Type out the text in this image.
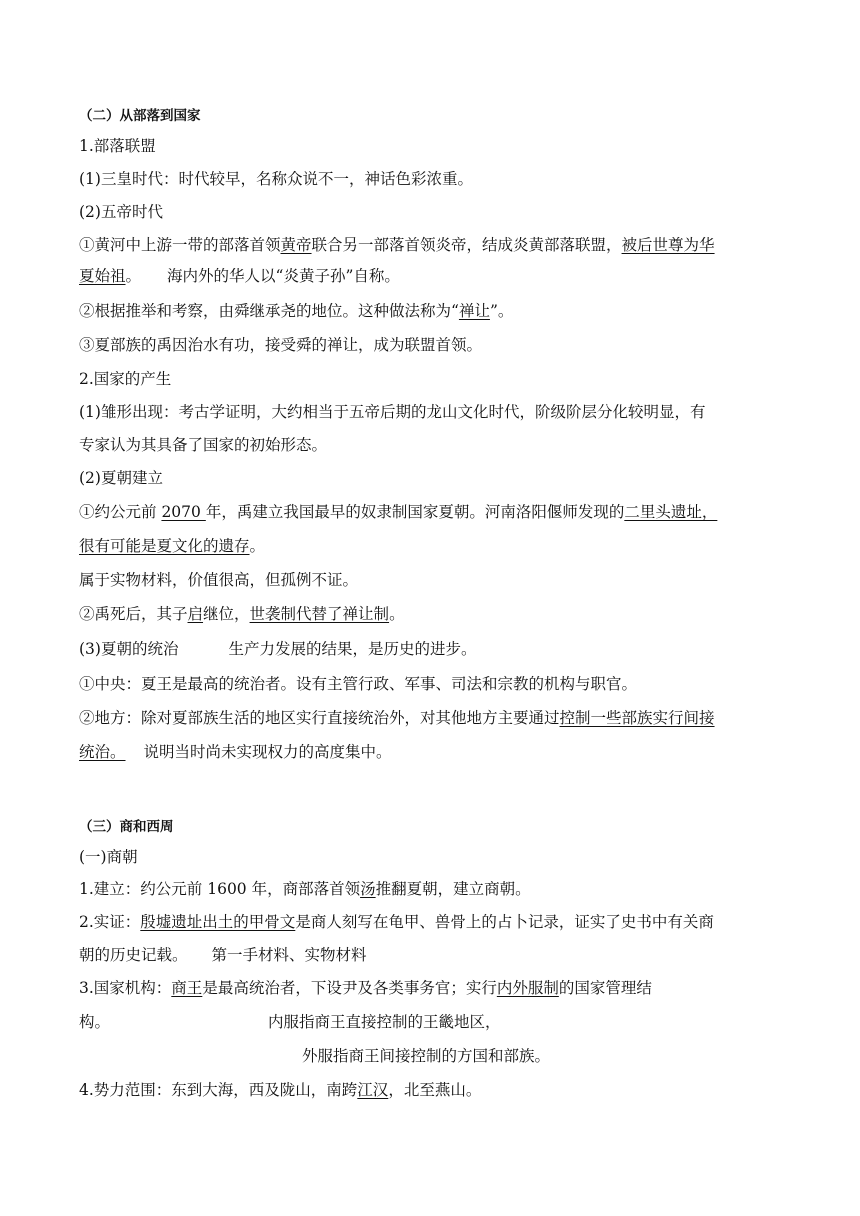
（二）从部落到国家
1.部落联盟
(1)三皇时代：时代较早，名称众说不一，神话色彩浓重。
(2)五帝时代
①黄河中上游一带的部落首领黄帝联合另一部落首领炎帝，结成炎黄部落联盟，被后世尊为华
夏始祖。 海内外的华人以“炎黄子孙”自称。
②根据推举和考察，由舜继承尧的地位。这种做法称为“禅让”。
③夏部族的禹因治水有功，接受舜的禅让，成为联盟首领。
2.国家的产生
(1)雏形出现：考古学证明，大约相当于五帝后期的龙山文化时代，阶级阶层分化较明显，有
专家认为其具备了国家的初始形态。
(2)夏朝建立
①约公元前 2070 年，禹建立我国最早的奴隶制国家夏朝。河南洛阳偃师发现的二里头遗址，
很有可能是夏文化的遗存。
属于实物材料，价值很高，但孤例不证。
②禹死后，其子启继位，世袭制代替了禅让制。
(3)夏朝的统治	生产力发展的结果，是历史的进步。
①中央：夏王是最高的统治者。设有主管行政、军事、司法和宗教的机构与职官。
②地方：除对夏部族生活的地区实行直接统治外，对其他地方主要通过控制一些部族实行间接
统治。 说明当时尚未实现权力的高度集中。
（三）商和西周
(一)商朝
1.建立：约公元前 1600 年，商部落首领汤推翻夏朝，建立商朝。
2.实证：殷墟遗址出土的甲骨文是商人刻写在龟甲、兽骨上的占卜记录，证实了史书中有关商
朝的历史记载。 第一手材料、实物材料
3.国家机构：商王是最高统治者，下设尹及各类事务官；实行内外服制的国家管理结
构。	内服指商王直接控制的王畿地区，
外服指商王间接控制的方国和部族。
4.势力范围：东到大海，西及陇山，南跨江汉，北至燕山。
